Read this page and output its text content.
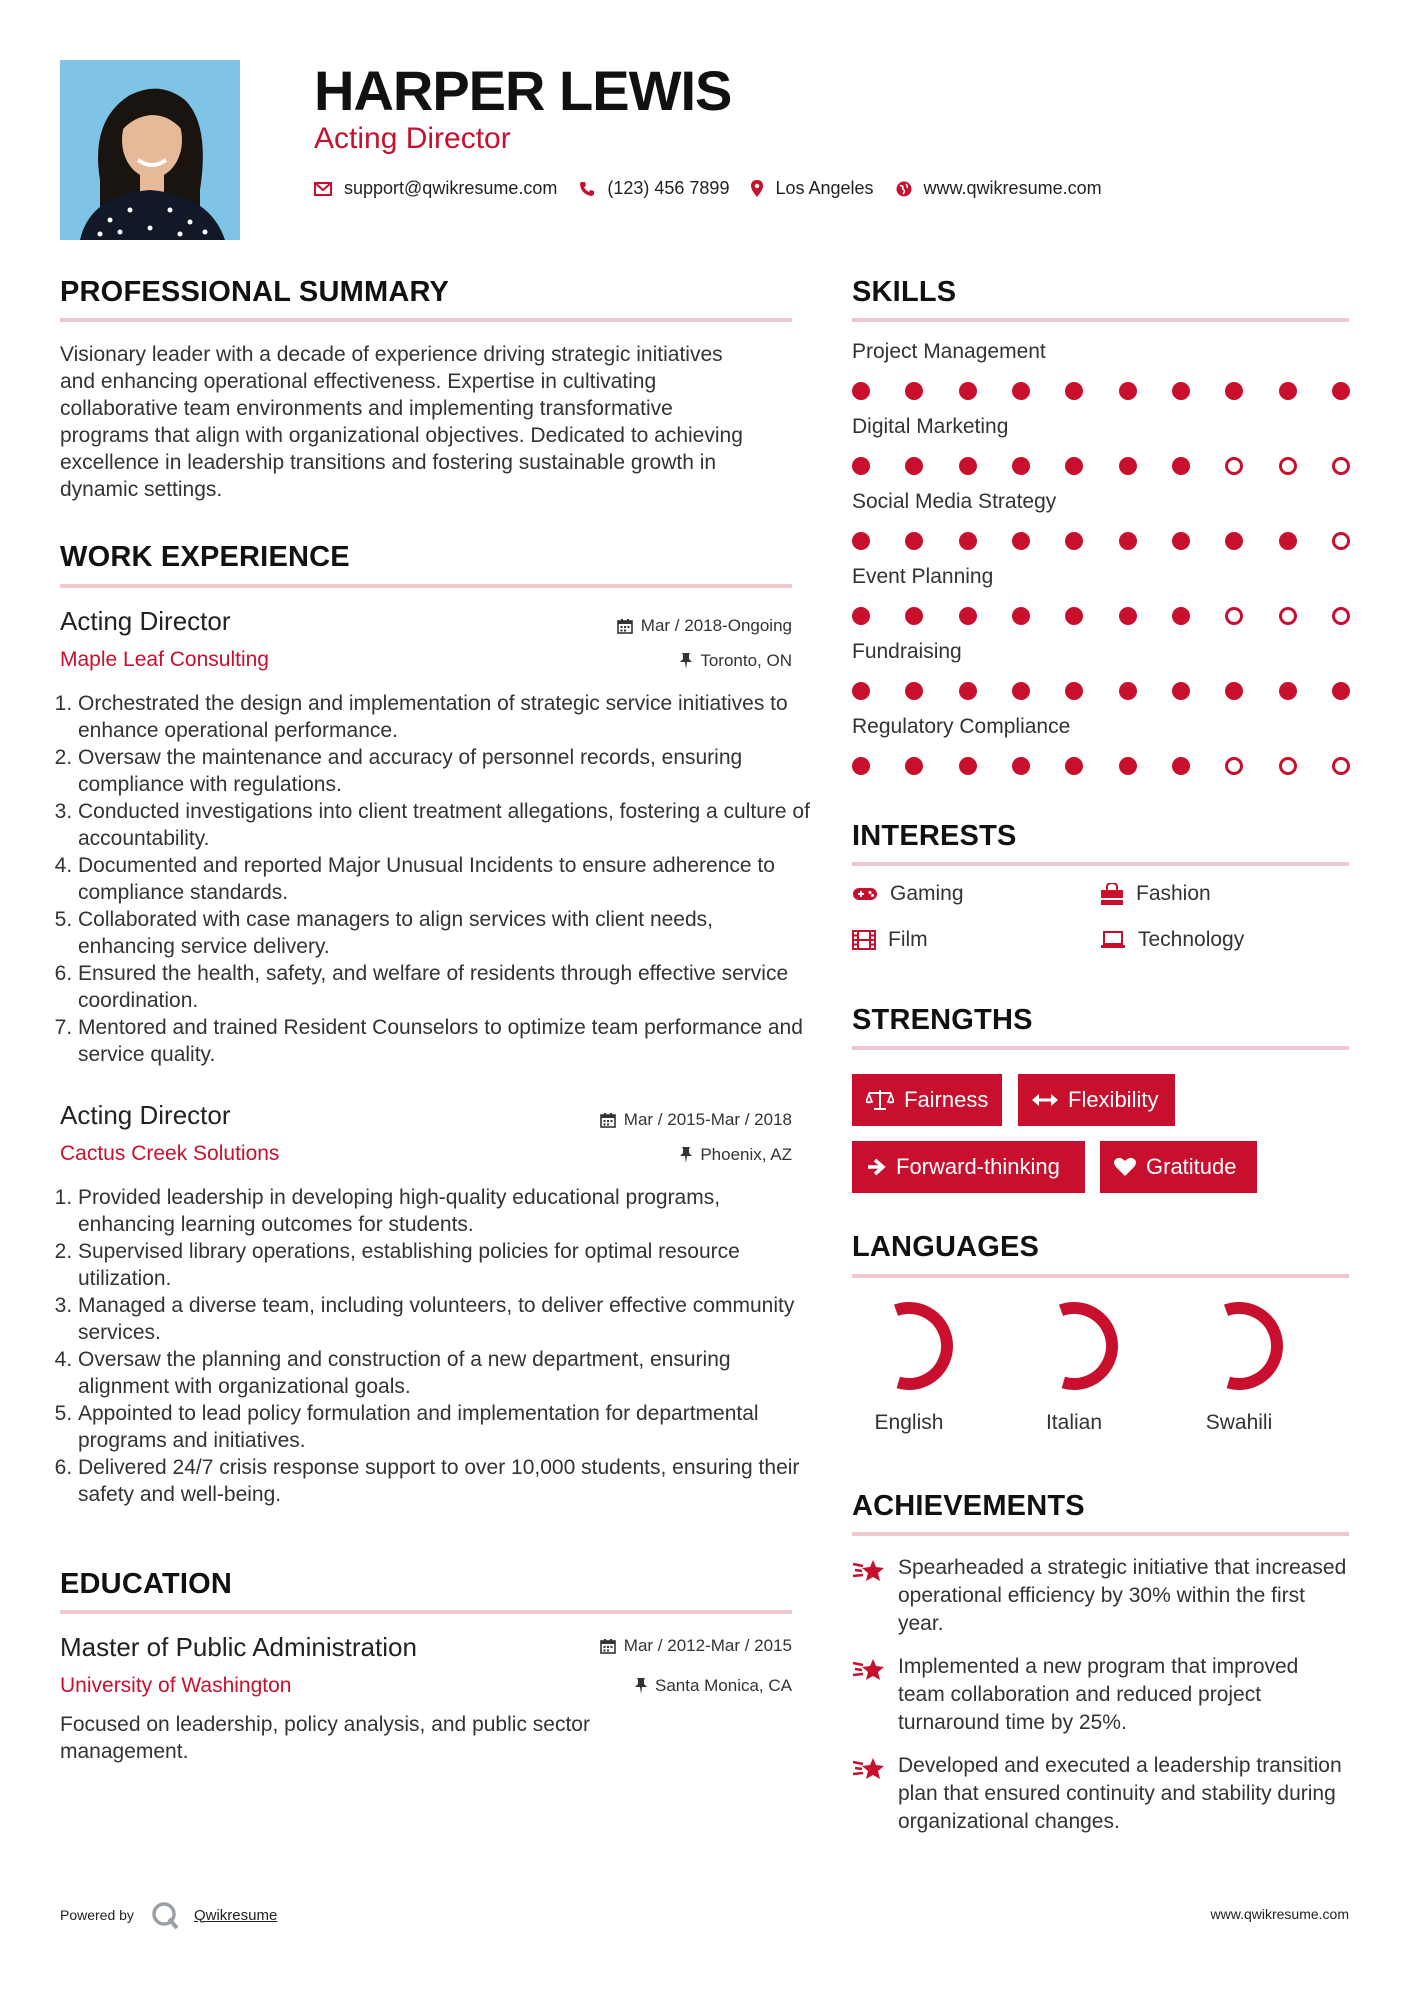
HARPER LEWIS
Acting Director
support@qwikresume.com	(123) 456 7899	Los Angeles	www.qwikresume.com
PROFESSIONAL SUMMARY
Visionary leader with a decade of experience driving strategic initiatives and enhancing operational effectiveness. Expertise in cultivating collaborative team environments and implementing transformative programs that align with organizational objectives. Dedicated to achieving excellence in leadership transitions and fostering sustainable growth in dynamic settings.
WORK EXPERIENCE
Acting Director	Mar / 2018-Ongoing
Maple Leaf Consulting	Toronto, ON
1. Orchestrated the design and implementation of strategic service initiatives to enhance operational performance.
2. Oversaw the maintenance and accuracy of personnel records, ensuring compliance with regulations.
3. Conducted investigations into client treatment allegations, fostering a culture of accountability.
4. Documented and reported Major Unusual Incidents to ensure adherence to compliance standards.
5. Collaborated with case managers to align services with client needs, enhancing service delivery.
6. Ensured the health, safety, and welfare of residents through effective service coordination.
7. Mentored and trained Resident Counselors to optimize team performance and service quality.
Acting Director	Mar / 2015-Mar / 2018
Cactus Creek Solutions	Phoenix, AZ
1. Provided leadership in developing high-quality educational programs, enhancing learning outcomes for students.
2. Supervised library operations, establishing policies for optimal resource utilization.
3. Managed a diverse team, including volunteers, to deliver effective community services.
4. Oversaw the planning and construction of a new department, ensuring alignment with organizational goals.
5. Appointed to lead policy formulation and implementation for departmental programs and initiatives.
6. Delivered 24/7 crisis response support to over 10,000 students, ensuring their safety and well-being.
EDUCATION
Master of Public Administration	Mar / 2012-Mar / 2015
University of Washington	Santa Monica, CA
Focused on leadership, policy analysis, and public sector management.
SKILLS
Project Management
Digital Marketing
Social Media Strategy
Event Planning
Fundraising
Regulatory Compliance
INTERESTS
Gaming	Fashion
Film	Technology
STRENGTHS
Fairness	Flexibility
Forward-thinking	Gratitude
LANGUAGES
English	Italian	Swahili
ACHIEVEMENTS
Spearheaded a strategic initiative that increased operational efficiency by 30% within the first year.
Implemented a new program that improved team collaboration and reduced project turnaround time by 25%.
Developed and executed a leadership transition plan that ensured continuity and stability during organizational changes.
Powered by	Qwikresume	www.qwikresume.com
